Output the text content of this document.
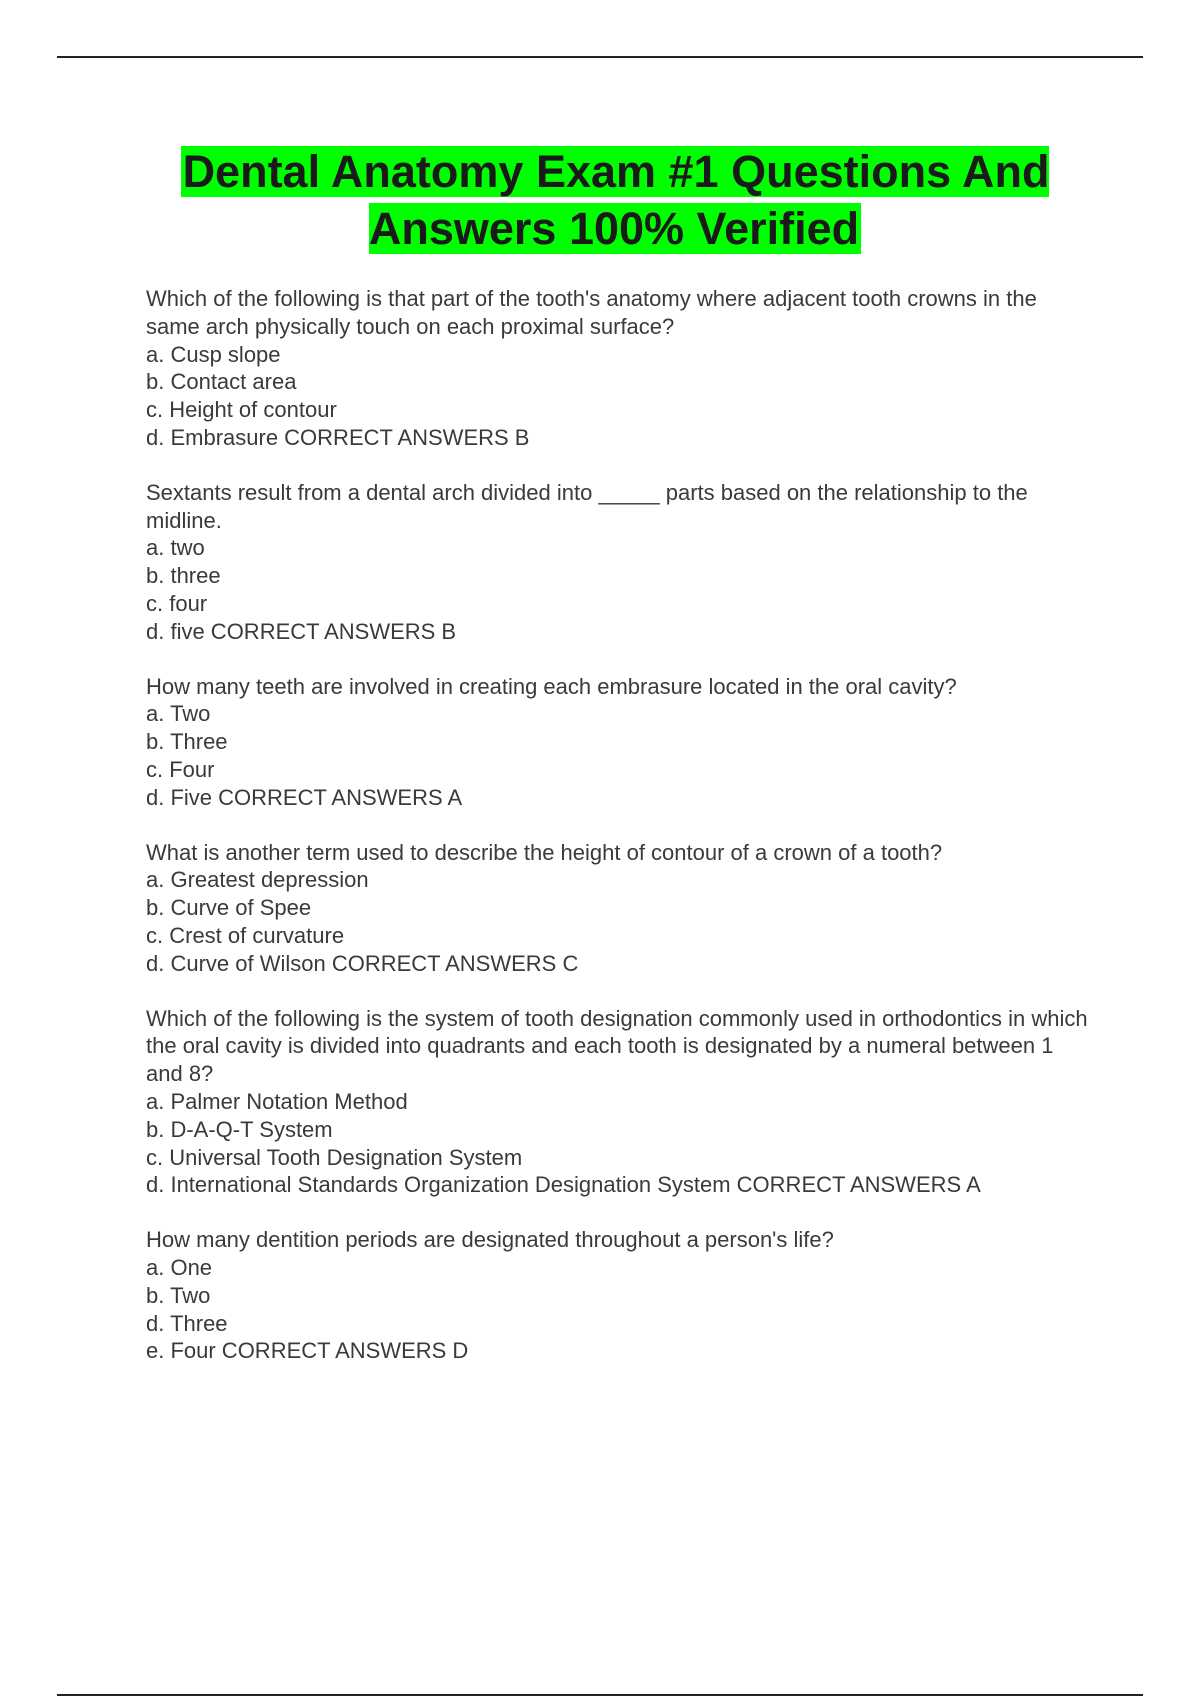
Dental Anatomy Exam #1 Questions And Answers 100% Verified

Which of the following is that part of the tooth's anatomy where adjacent tooth crowns in the same arch physically touch on each proximal surface?

a. Cusp slope

b. Contact area

c. Height of contour

d. Embrasure CORRECT ANSWERS B

Sextants result from a dental arch divided into _____ parts based on the relationship to the midline.

a. two

b. three

c. four

d. five CORRECT ANSWERS B

How many teeth are involved in creating each embrasure located in the oral cavity?

a. Two

b. Three

c. Four

d. Five CORRECT ANSWERS A

What is another term used to describe the height of contour of a crown of a tooth?

a. Greatest depression

b. Curve of Spee

c. Crest of curvature

d. Curve of Wilson CORRECT ANSWERS C

Which of the following is the system of tooth designation commonly used in orthodontics in which the oral cavity is divided into quadrants and each tooth is designated by a numeral between 1 and 8?

a. Palmer Notation Method

b. D-A-Q-T System

c. Universal Tooth Designation System

d. International Standards Organization Designation System CORRECT ANSWERS A

How many dentition periods are designated throughout a person's life?

a. One

b. Two

d. Three

e. Four CORRECT ANSWERS D
